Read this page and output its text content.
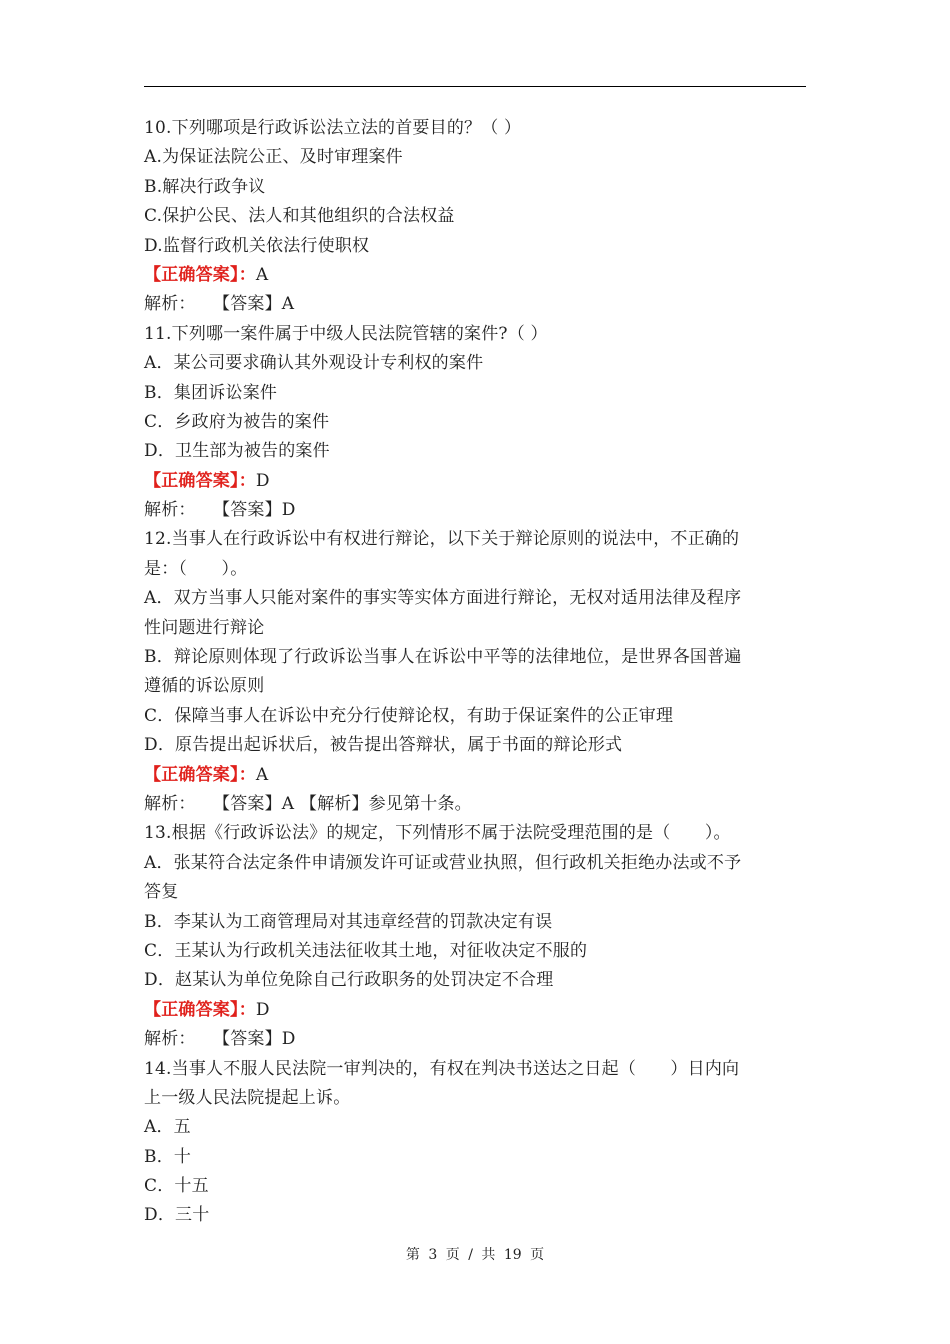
10.下列哪项是行政诉讼法立法的首要目的？（ ）
A.为保证法院公正、及时审理案件
B.解决行政争议
C.保护公民、法人和其他组织的合法权益
D.监督行政机关依法行使职权
【正确答案】：A
解析：　　【答案】A
11.下列哪一案件属于中级人民法院管辖的案件?（ ）
A．某公司要求确认其外观设计专利权的案件
B．集团诉讼案件
C．乡政府为被告的案件
D．卫生部为被告的案件
【正确答案】：D
解析：　　【答案】D
12.当事人在行政诉讼中有权进行辩论，以下关于辩论原则的说法中，不正确的
是：（　　）。
A．双方当事人只能对案件的事实等实体方面进行辩论，无权对适用法律及程序
性问题进行辩论
B．辩论原则体现了行政诉讼当事人在诉讼中平等的法律地位，是世界各国普遍
遵循的诉讼原则
C．保障当事人在诉讼中充分行使辩论权，有助于保证案件的公正审理
D．原告提出起诉状后，被告提出答辩状，属于书面的辩论形式
【正确答案】：A
解析：　　【答案】A 【解析】参见第十条。
13.根据《行政诉讼法》的规定，下列情形不属于法院受理范围的是（　　）。
A．张某符合法定条件申请颁发许可证或营业执照，但行政机关拒绝办法或不予
答复
B．李某认为工商管理局对其违章经营的罚款决定有误
C．王某认为行政机关违法征收其土地，对征收决定不服的
D．赵某认为单位免除自己行政职务的处罚决定不合理
【正确答案】：D
解析：　　【答案】D
14.当事人不服人民法院一审判决的，有权在判决书送达之日起（　　）日内向
上一级人民法院提起上诉。
A．五
B．十
C．十五
D．三十
第 3 页 / 共 19 页
